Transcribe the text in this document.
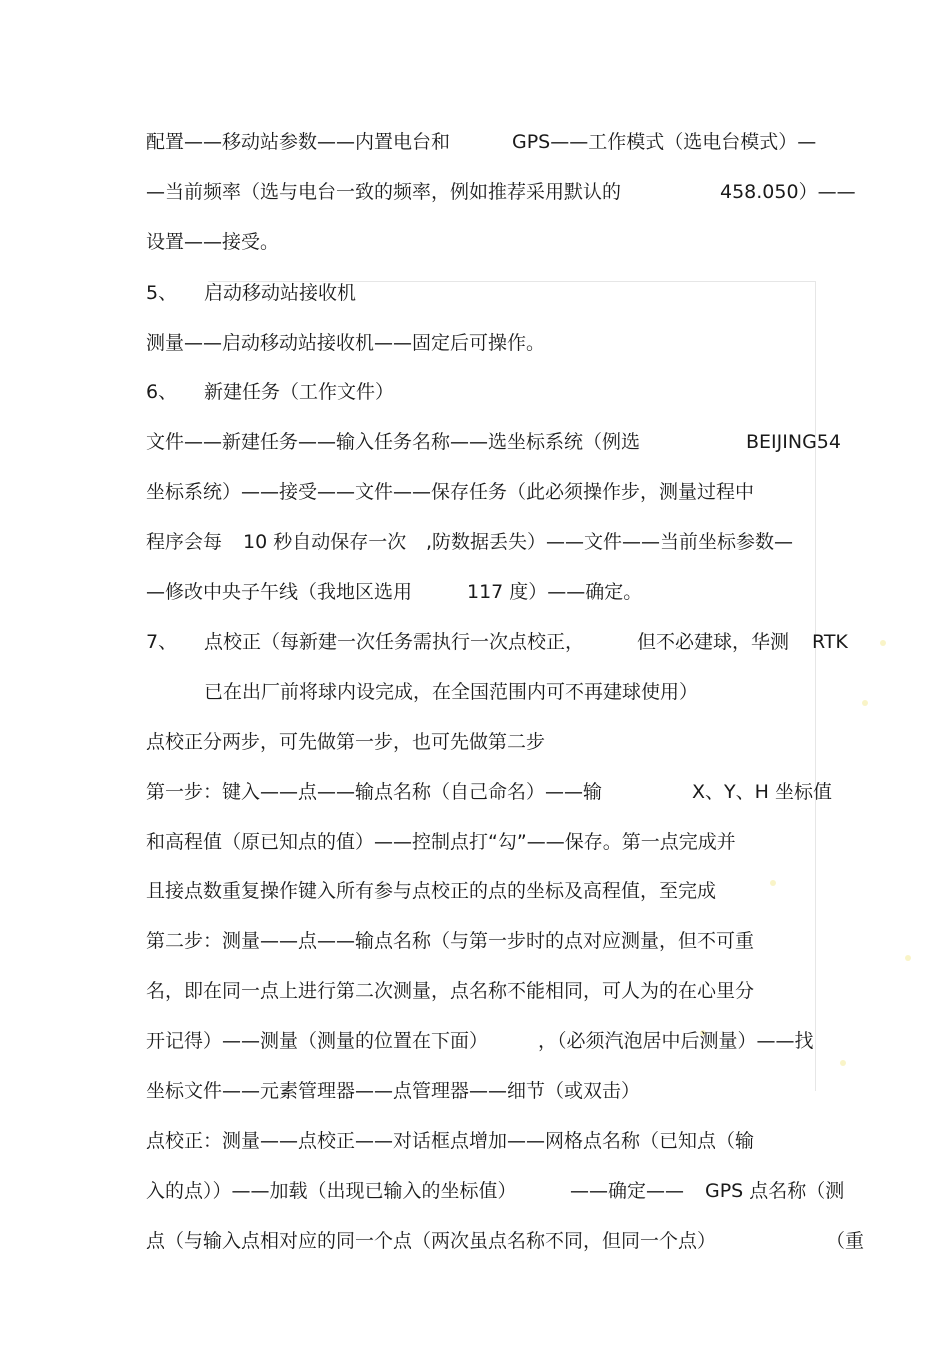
配置——移动站参数——内置电台和	GPS——工作模式（选电台模式）—
—当前频率（选与电台一致的频率，例如推荐采用默认的	458.050）——
设置——接受。
5、 启动移动站接收机
测量——启动移动站接收机——固定后可操作。
6、 新建任务（工作文件）
文件——新建任务——输入任务名称——选坐标系统（例选	BEIJING54
坐标系统）——接受——文件——保存任务（此必须操作步，测量过程中
程序会每 10 秒自动保存一次 ,防数据丢失）——文件——当前坐标参数—
—修改中央子午线（我地区选用	117 度）——确定。
7、 点校正（每新建一次任务需执行一次点校正，	但不必建球，华测 RTK
已在出厂前将球内设完成，在全国范围内可不再建球使用）
点校正分两步，可先做第一步，也可先做第二步
第一步：键入——点——输点名称（自己命名）——输	X、Y、H 坐标值
和高程值（原已知点的值）——控制点打“勾”——保存。第一点完成并
且接点数重复操作键入所有参与点校正的点的坐标及高程值，至完成
第二步：测量——点——输点名称（与第一步时的点对应测量，但不可重
名，即在同一点上进行第二次测量，点名称不能相同，可人为的在心里分
开记得）——测量（测量的位置在下面）	，（必须汽泡居中后测量）——找
坐标文件——元素管理器——点管理器——细节（或双击）
点校正：测量——点校正——对话框点增加——网格点名称（已知点（输
入的点））——加载（出现已输入的坐标值）	——确定—— GPS 点名称（测
点（与输入点相对应的同一个点（两次虽点名称不同，但同一个点）	（重
